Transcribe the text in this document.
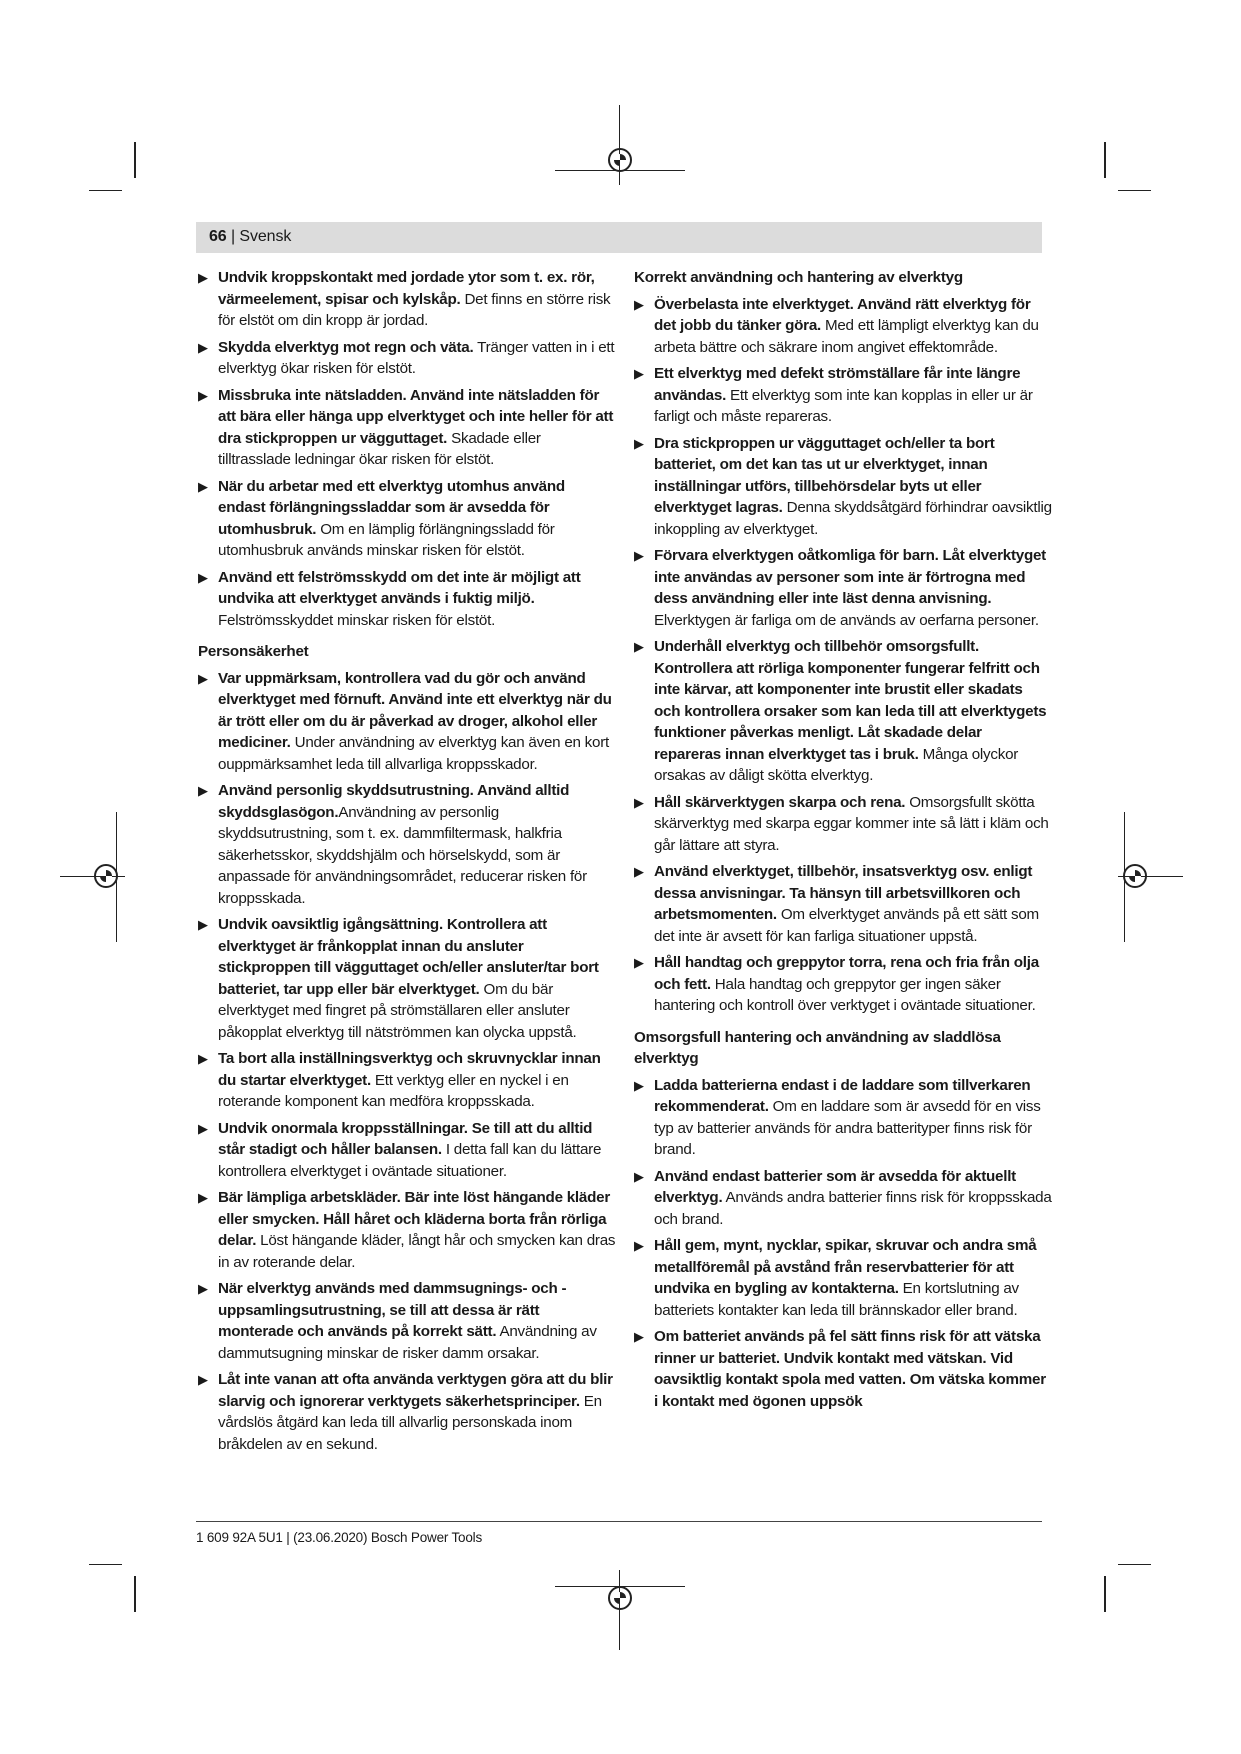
66 | Svensk
▶ Undvik kroppskontakt med jordade ytor som t. ex. rör, värmeelement, spisar och kylskåp. Det finns en större risk för elstöt om din kropp är jordad.
▶ Skydda elverktyg mot regn och väta. Tränger vatten in i ett elverktyg ökar risken för elstöt.
▶ Missbruka inte nätsladden. Använd inte nätsladden för att bära eller hänga upp elverktyget och inte heller för att dra stickproppen ur vägguttaget. Skadade eller tilltrasslade ledningar ökar risken för elstöt.
▶ När du arbetar med ett elverktyg utomhus använd endast förlängningssladdar som är avsedda för utomhusbruk. Om en lämplig förlängningssladd för utomhusbruk används minskar risken för elstöt.
▶ Använd ett felströmsskydd om det inte är möjligt att undvika att elverktyget används i fuktig miljö. Felströmsskyddet minskar risken för elstöt.
Personsäkerhet
▶ Var uppmärksam, kontrollera vad du gör och använd elverktyget med förnuft. Använd inte ett elverktyg när du är trött eller om du är påverkad av droger, alkohol eller mediciner. Under användning av elverktyg kan även en kort ouppmärksamhet leda till allvarliga kroppsskador.
▶ Använd personlig skyddsutrustning. Använd alltid skyddsglasögon.Användning av personlig skyddsutrustning, som t. ex. dammfiltermask, halkfria säkerhetsskor, skyddshjälm och hörselskydd, som är anpassade för användningsområdet, reducerar risken för kroppsskada.
▶ Undvik oavsiktlig igångsättning. Kontrollera att elverktyget är frånkopplat innan du ansluter stickproppen till vägguttaget och/eller ansluter/tar bort batteriet, tar upp eller bär elverktyget. Om du bär elverktyget med fingret på strömställaren eller ansluter påkopplat elverktyg till nätströmmen kan olycka uppstå.
▶ Ta bort alla inställningsverktyg och skruvnycklar innan du startar elverktyget. Ett verktyg eller en nyckel i en roterande komponent kan medföra kroppsskada.
▶ Undvik onormala kroppsställningar. Se till att du alltid står stadigt och håller balansen. I detta fall kan du lättare kontrollera elverktyget i oväntade situationer.
▶ Bär lämpliga arbetskläder. Bär inte löst hängande kläder eller smycken. Håll håret och kläderna borta från rörliga delar. Löst hängande kläder, långt hår och smycken kan dras in av roterande delar.
▶ När elverktyg används med dammsugnings- och -uppsamlingsutrustning, se till att dessa är rätt monterade och används på korrekt sätt. Användning av dammutsugning minskar de risker damm orsakar.
▶ Låt inte vanan att ofta använda verktygen göra att du blir slarvig och ignorerar verktygets säkerhetsprinciper. En vårdslös åtgärd kan leda till allvarlig personskada inom bråkdelen av en sekund.
Korrekt användning och hantering av elverktyg
▶ Överbelasta inte elverktyget. Använd rätt elverktyg för det jobb du tänker göra. Med ett lämpligt elverktyg kan du arbeta bättre och säkrare inom angivet effektområde.
▶ Ett elverktyg med defekt strömställare får inte längre användas. Ett elverktyg som inte kan kopplas in eller ur är farligt och måste repareras.
▶ Dra stickproppen ur vägguttaget och/eller ta bort batteriet, om det kan tas ut ur elverktyget, innan inställningar utförs, tillbehörsdelar byts ut eller elverktyget lagras. Denna skyddsåtgärd förhindrar oavsiktlig inkoppling av elverktyget.
▶ Förvara elverktygen oåtkomliga för barn. Låt elverktyget inte användas av personer som inte är förtrogna med dess användning eller inte läst denna anvisning. Elverktygen är farliga om de används av oerfarna personer.
▶ Underhåll elverktyg och tillbehör omsorgsfullt. Kontrollera att rörliga komponenter fungerar felfritt och inte kärvar, att komponenter inte brustit eller skadats och kontrollera orsaker som kan leda till att elverktygets funktioner påverkas menligt. Låt skadade delar repareras innan elverktyget tas i bruk. Många olyckor orsakas av dåligt skötta elverktyg.
▶ Håll skärverktygen skarpa och rena. Omsorgsfullt skötta skärverktyg med skarpa eggar kommer inte så lätt i kläm och går lättare att styra.
▶ Använd elverktyget, tillbehör, insatsverktyg osv. enligt dessa anvisningar. Ta hänsyn till arbetsvillkoren och arbetsmomenten. Om elverktyget används på ett sätt som det inte är avsett för kan farliga situationer uppstå.
▶ Håll handtag och greppytor torra, rena och fria från olja och fett. Hala handtag och greppytor ger ingen säker hantering och kontroll över verktyget i oväntade situationer.
Omsorgsfull hantering och användning av sladdlösa elverktyg
▶ Ladda batterierna endast i de laddare som tillverkaren rekommenderat. Om en laddare som är avsedd för en viss typ av batterier används för andra batterityper finns risk för brand.
▶ Använd endast batterier som är avsedda för aktuellt elverktyg. Används andra batterier finns risk för kroppsskada och brand.
▶ Håll gem, mynt, nycklar, spikar, skruvar och andra små metallföremål på avstånd från reservbatterier för att undvika en bygling av kontakterna. En kortslutning av batteriets kontakter kan leda till brännskador eller brand.
▶ Om batteriet används på fel sätt finns risk för att vätska rinner ur batteriet. Undvik kontakt med vätskan. Vid oavsiktlig kontakt spola med vatten. Om vätska kommer i kontakt med ögonen uppsök
1 609 92A 5U1 | (23.06.2020) Bosch Power Tools
